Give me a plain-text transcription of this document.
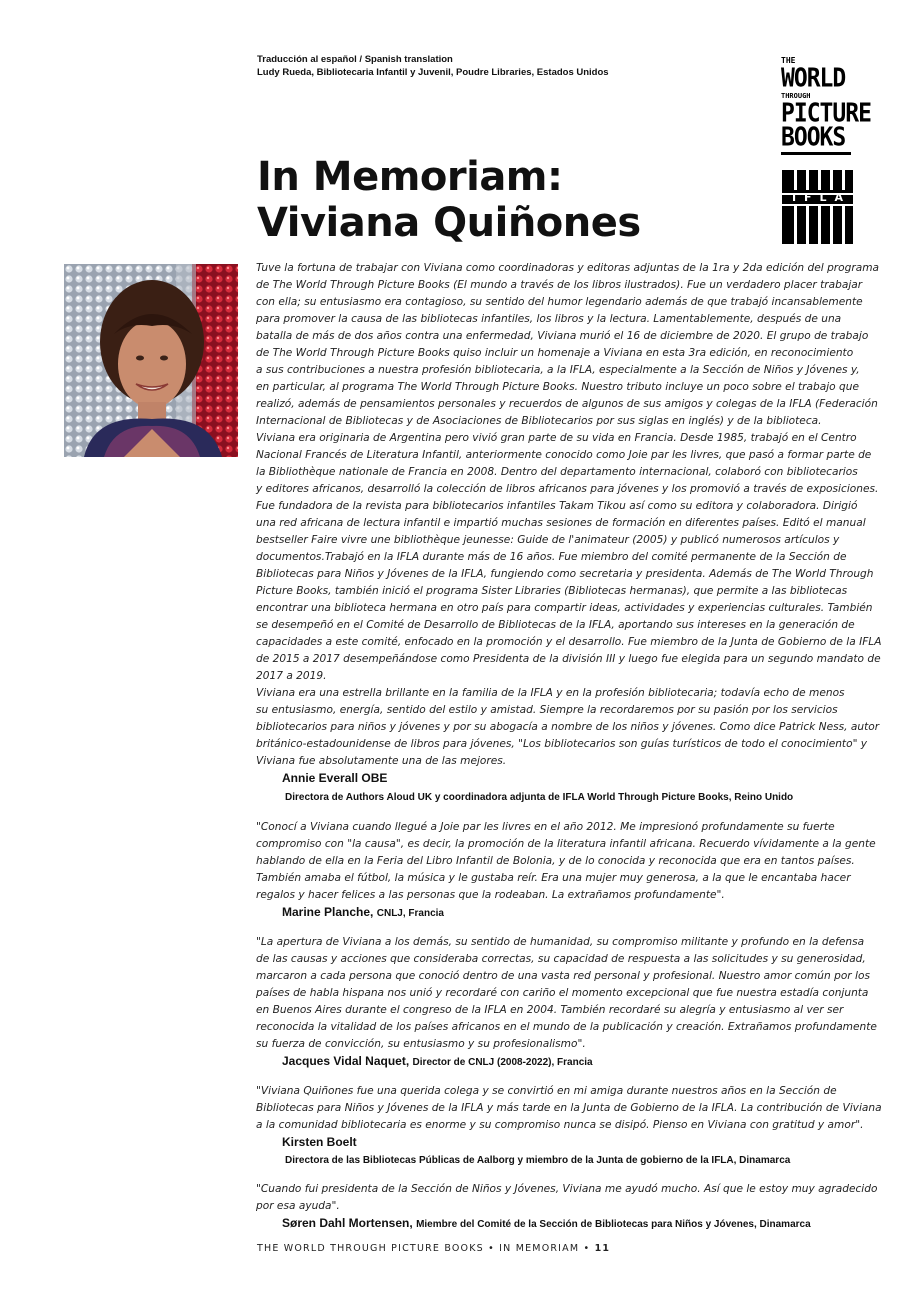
Traducción al español / Spanish translation
Ludy Rueda, Bibliotecaria Infantil y Juvenil, Poudre Libraries, Estados Unidos
THE
WORLD
THROUGH
PICTURE
BOOKS
I F L A
In Memoriam:
Viviana Quiñones
Tuve la fortuna de trabajar con Viviana como coordinadoras y editoras adjuntas de la 1ra y 2da edición del programa
de The World Through Picture Books (El mundo a través de los libros ilustrados). Fue un verdadero placer trabajar
con ella; su entusiasmo era contagioso, su sentido del humor legendario además de que trabajó incansablemente
para promover la causa de las bibliotecas infantiles, los libros y la lectura. Lamentablemente, después de una
batalla de más de dos años contra una enfermedad, Viviana murió el 16 de diciembre de 2020. El grupo de trabajo
de The World Through Picture Books quiso incluir un homenaje a Viviana en esta 3ra edición, en reconocimiento
a sus contribuciones a nuestra profesión bibliotecaria, a la IFLA, especialmente a la Sección de Niños y Jóvenes y,
en particular, al programa The World Through Picture Books. Nuestro tributo incluye un poco sobre el trabajo que
realizó, además de pensamientos personales y recuerdos de algunos de sus amigos y colegas de la IFLA (Federación
Internacional de Bibliotecas y de Asociaciones de Bibliotecarios por sus siglas en inglés) y de la biblioteca.
Viviana era originaria de Argentina pero vivió gran parte de su vida en Francia. Desde 1985, trabajó en el Centro
Nacional Francés de Literatura Infantil, anteriormente conocido como Joie par les livres, que pasó a formar parte de
la Bibliothèque nationale de Francia en 2008. Dentro del departamento internacional, colaboró con bibliotecarios
y editores africanos, desarrolló la colección de libros africanos para jóvenes y los promovió a través de exposiciones.
Fue fundadora de la revista para bibliotecarios infantiles Takam Tikou así como su editora y colaboradora. Dirigió
una red africana de lectura infantil e impartió muchas sesiones de formación en diferentes países. Editó el manual
bestseller Faire vivre une bibliothèque jeunesse: Guide de l'animateur (2005) y publicó numerosos artículos y
documentos.Trabajó en la IFLA durante más de 16 años. Fue miembro del comité permanente de la Sección de
Bibliotecas para Niños y Jóvenes de la IFLA, fungiendo como secretaria y presidenta. Además de The World Through
Picture Books, también inició el programa Sister Libraries (Bibliotecas hermanas), que permite a las bibliotecas
encontrar una biblioteca hermana en otro país para compartir ideas, actividades y experiencias culturales. También
se desempeñó en el Comité de Desarrollo de Bibliotecas de la IFLA, aportando sus intereses en la generación de
capacidades a este comité, enfocado en la promoción y el desarrollo. Fue miembro de la Junta de Gobierno de la IFLA
de 2015 a 2017 desempeñándose como Presidenta de la división III y luego fue elegida para un segundo mandato de
2017 a 2019.
Viviana era una estrella brillante en la familia de la IFLA y en la profesión bibliotecaria; todavía echo de menos
su entusiasmo, energía, sentido del estilo y amistad. Siempre la recordaremos por su pasión por los servicios
bibliotecarios para niños y jóvenes y por su abogacía a nombre de los niños y jóvenes. Como dice Patrick Ness, autor
británico-estadounidense de libros para jóvenes, "Los bibliotecarios son guías turísticos de todo el conocimiento" y
Viviana fue absolutamente una de las mejores.
Annie Everall OBE
Directora de Authors Aloud UK y coordinadora adjunta de IFLA World Through Picture Books, Reino Unido
"Conocí a Viviana cuando llegué a Joie par les livres en el año 2012. Me impresionó profundamente su fuerte
compromiso con "la causa", es decir, la promoción de la literatura infantil africana. Recuerdo vívidamente a la gente
hablando de ella en la Feria del Libro Infantil de Bolonia, y de lo conocida y reconocida que era en tantos países.
También amaba el fútbol, la música y le gustaba reír. Era una mujer muy generosa, a la que le encantaba hacer
regalos y hacer felices a las personas que la rodeaban. La extrañamos profundamente".
Marine Planche, CNLJ, Francia
"La apertura de Viviana a los demás, su sentido de humanidad, su compromiso militante y profundo en la defensa
de las causas y acciones que consideraba correctas, su capacidad de respuesta a las solicitudes y su generosidad,
marcaron a cada persona que conoció dentro de una vasta red personal y profesional. Nuestro amor común por los
países de habla hispana nos unió y recordaré con cariño el momento excepcional que fue nuestra estadía conjunta
en Buenos Aires durante el congreso de la IFLA en 2004. También recordaré su alegría y entusiasmo al ver ser
reconocida la vitalidad de los países africanos en el mundo de la publicación y creación. Extrañamos profundamente
su fuerza de convicción, su entusiasmo y su profesionalismo".
Jacques Vidal Naquet, Director de CNLJ (2008-2022), Francia
"Viviana Quiñones fue una querida colega y se convirtió en mi amiga durante nuestros años en la Sección de
Bibliotecas para Niños y Jóvenes de la IFLA y más tarde en la Junta de Gobierno de la IFLA. La contribución de Viviana
a la comunidad bibliotecaria es enorme y su compromiso nunca se disipó. Pienso en Viviana con gratitud y amor".
Kirsten Boelt
Directora de las Bibliotecas Públicas de Aalborg y miembro de la Junta de gobierno de la IFLA, Dinamarca
"Cuando fui presidenta de la Sección de Niños y Jóvenes, Viviana me ayudó mucho. Así que le estoy muy agradecido
por esa ayuda".
Søren Dahl Mortensen, Miembre del Comité de la Sección de Bibliotecas para Niños y Jóvenes, Dinamarca
THE WORLD THROUGH PICTURE BOOKS • IN MEMORIAM • 11
